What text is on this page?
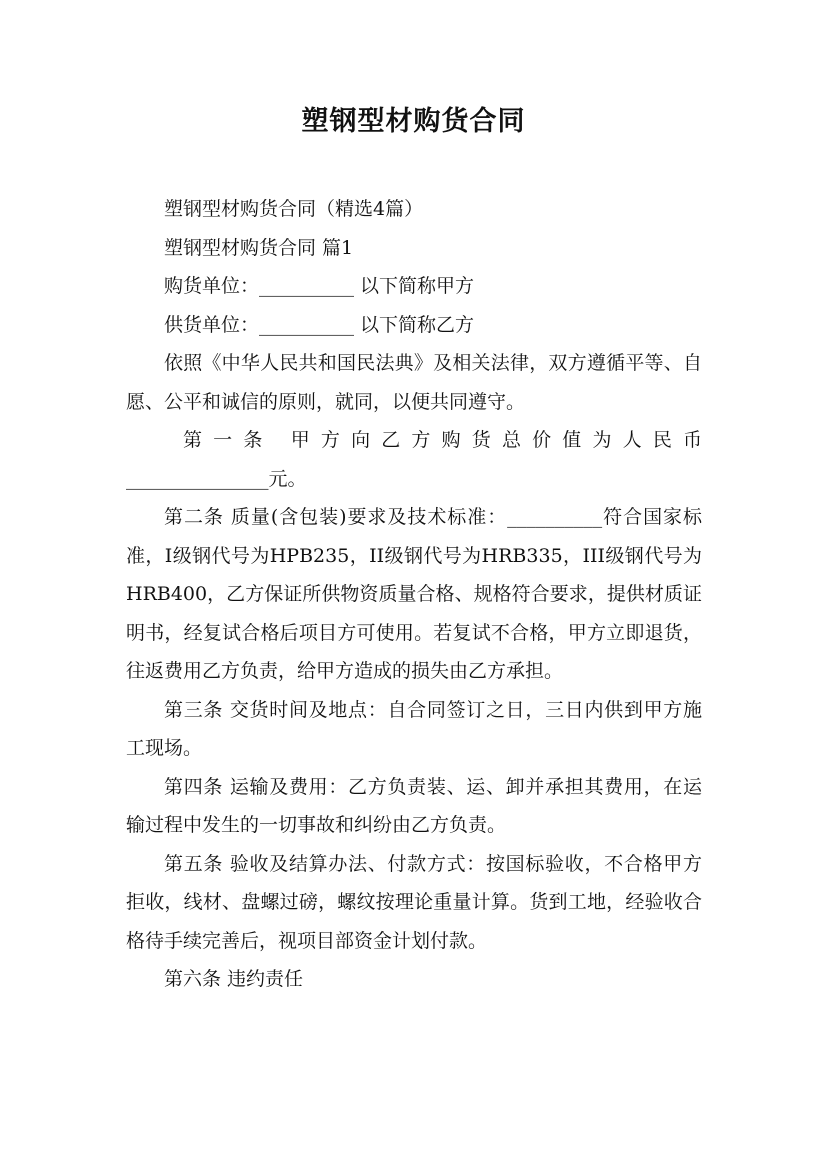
塑钢型材购货合同

塑钢型材购货合同（精选4篇）

塑钢型材购货合同 篇1

购货单位：__________ 以下简称甲方

供货单位：__________ 以下简称乙方

依照《中华人民共和国民法典》及相关法律，双方遵循平等、自愿、公平和诚信的原则，就同，以便共同遵守。

第一条 甲方向乙方购货总价值为人民币

_______________元。

第二条 质量(含包装)要求及技术标准：__________符合国家标准，I级钢代号为HPB235，II级钢代号为HRB335，III级钢代号为HRB400，乙方保证所供物资质量合格、规格符合要求，提供材质证明书，经复试合格后项目方可使用。若复试不合格，甲方立即退货，往返费用乙方负责，给甲方造成的损失由乙方承担。

第三条 交货时间及地点：自合同签订之日，三日内供到甲方施工现场。

第四条 运输及费用：乙方负责装、运、卸并承担其费用，在运输过程中发生的一切事故和纠纷由乙方负责。

第五条 验收及结算办法、付款方式：按国标验收，不合格甲方拒收，线材、盘螺过磅，螺纹按理论重量计算。货到工地，经验收合格待手续完善后，视项目部资金计划付款。

第六条 违约责任
